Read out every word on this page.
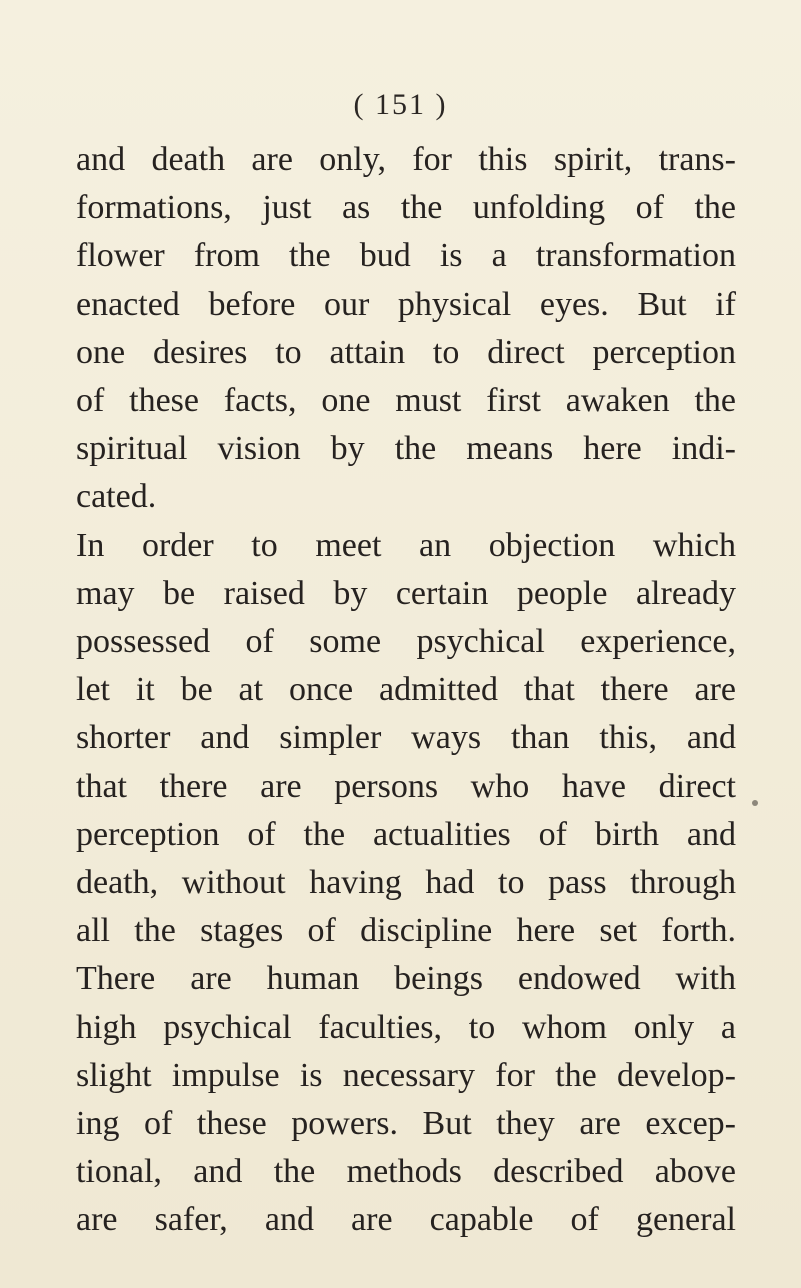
( 151 )
and death are only, for this spirit, trans-
formations, just as the unfolding of the
flower from the bud is a transformation
enacted before our physical eyes. But if
one desires to attain to direct perception
of these facts, one must first awaken the
spiritual vision by the means here indi-
cated.
In order to meet an objection which
may be raised by certain people already
possessed of some psychical experience,
let it be at once admitted that there are
shorter and simpler ways than this, and
that there are persons who have direct
perception of the actualities of birth and
death, without having had to pass through
all the stages of discipline here set forth.
There are human beings endowed with
high psychical faculties, to whom only a
slight impulse is necessary for the develop-
ing of these powers. But they are excep-
tional, and the methods described above
are safer, and are capable of general
